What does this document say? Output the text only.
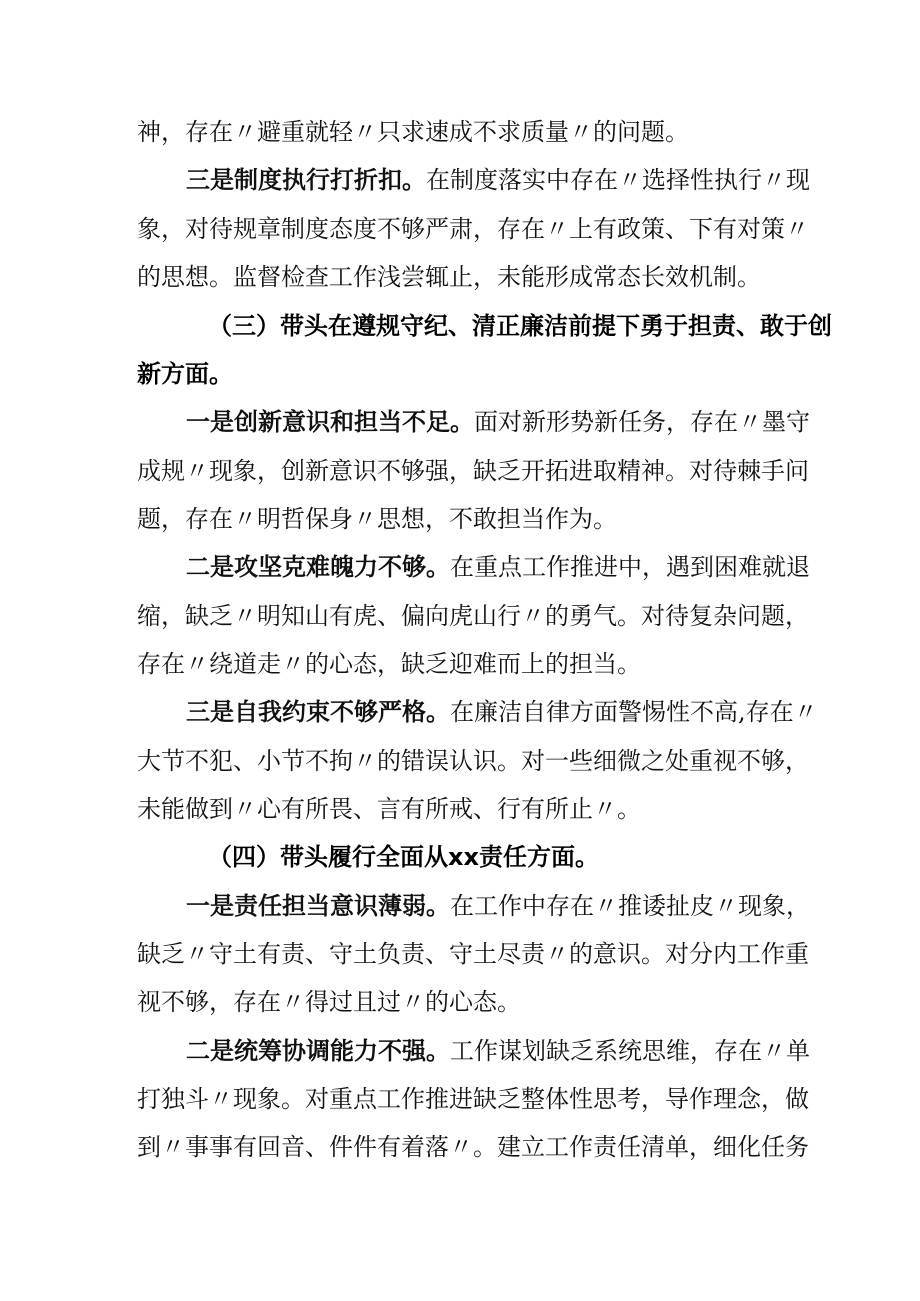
神，存在〃避重就轻〃只求速成不求质量〃的问题。
三是制度执行打折扣。在制度落实中存在〃选择性执行〃现
象，对待规章制度态度不够严肃，存在〃上有政策、下有对策〃
的思想。监督检查工作浅尝辄止，未能形成常态长效机制。
（三）带头在遵规守纪、清正廉洁前提下勇于担责、敢于创
新方面。
一是创新意识和担当不足。面对新形势新任务，存在〃墨守
成规〃现象，创新意识不够强，缺乏开拓进取精神。对待棘手问
题，存在〃明哲保身〃思想，不敢担当作为。
二是攻坚克难魄力不够。在重点工作推进中，遇到困难就退
缩，缺乏〃明知山有虎、偏向虎山行〃的勇气。对待复杂问题，
存在〃绕道走〃的心态，缺乏迎难而上的担当。
三是自我约束不够严格。在廉洁自律方面警惕性不高,存在〃
大节不犯、小节不拘〃的错误认识。对一些细微之处重视不够，
未能做到〃心有所畏、言有所戒、行有所止〃。
（四）带头履行全面从xx责任方面。
一是责任担当意识薄弱。在工作中存在〃推诿扯皮〃现象，
缺乏〃守土有责、守土负责、守土尽责〃的意识。对分内工作重
视不够，存在〃得过且过〃的心态。
二是统筹协调能力不强。工作谋划缺乏系统思维，存在〃单
打独斗〃现象。对重点工作推进缺乏整体性思考，导作理念，做
到〃事事有回音、件件有着落〃。建立工作责任清单，细化任务
